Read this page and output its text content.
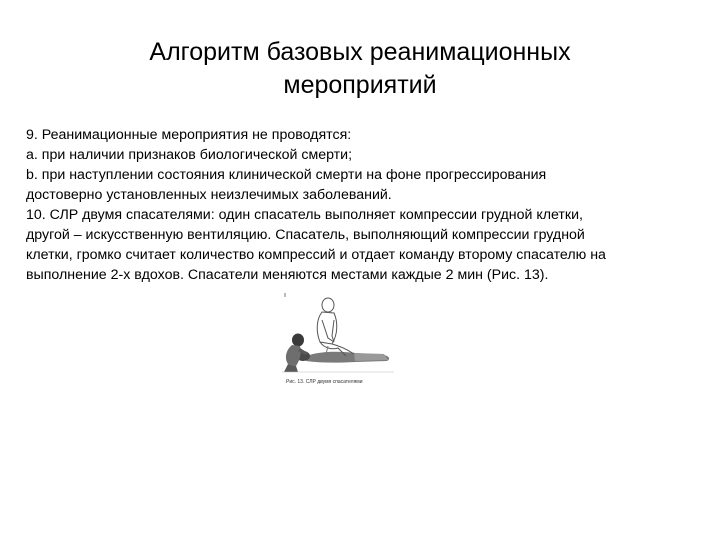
Алгоритм базовых реанимационных
мероприятий

9. Реанимационные мероприятия не проводятся:

a. при наличии признаков биологической смерти;

b. при наступлении состояния клинической смерти на фоне прогрессирования

достоверно установленных неизлечимых заболеваний.

10. СЛР двумя спасателями: один спасатель выполняет компрессии грудной клетки,

другой – искусственную вентиляцию. Спасатель, выполняющий компрессии грудной

клетки, громко считает количество компрессий и отдает команду второму спасателю на

выполнение 2-х вдохов. Спасатели меняются местами каждые 2 мин (Рис. 13).

Рис. 13. СЛР двумя спасателями
